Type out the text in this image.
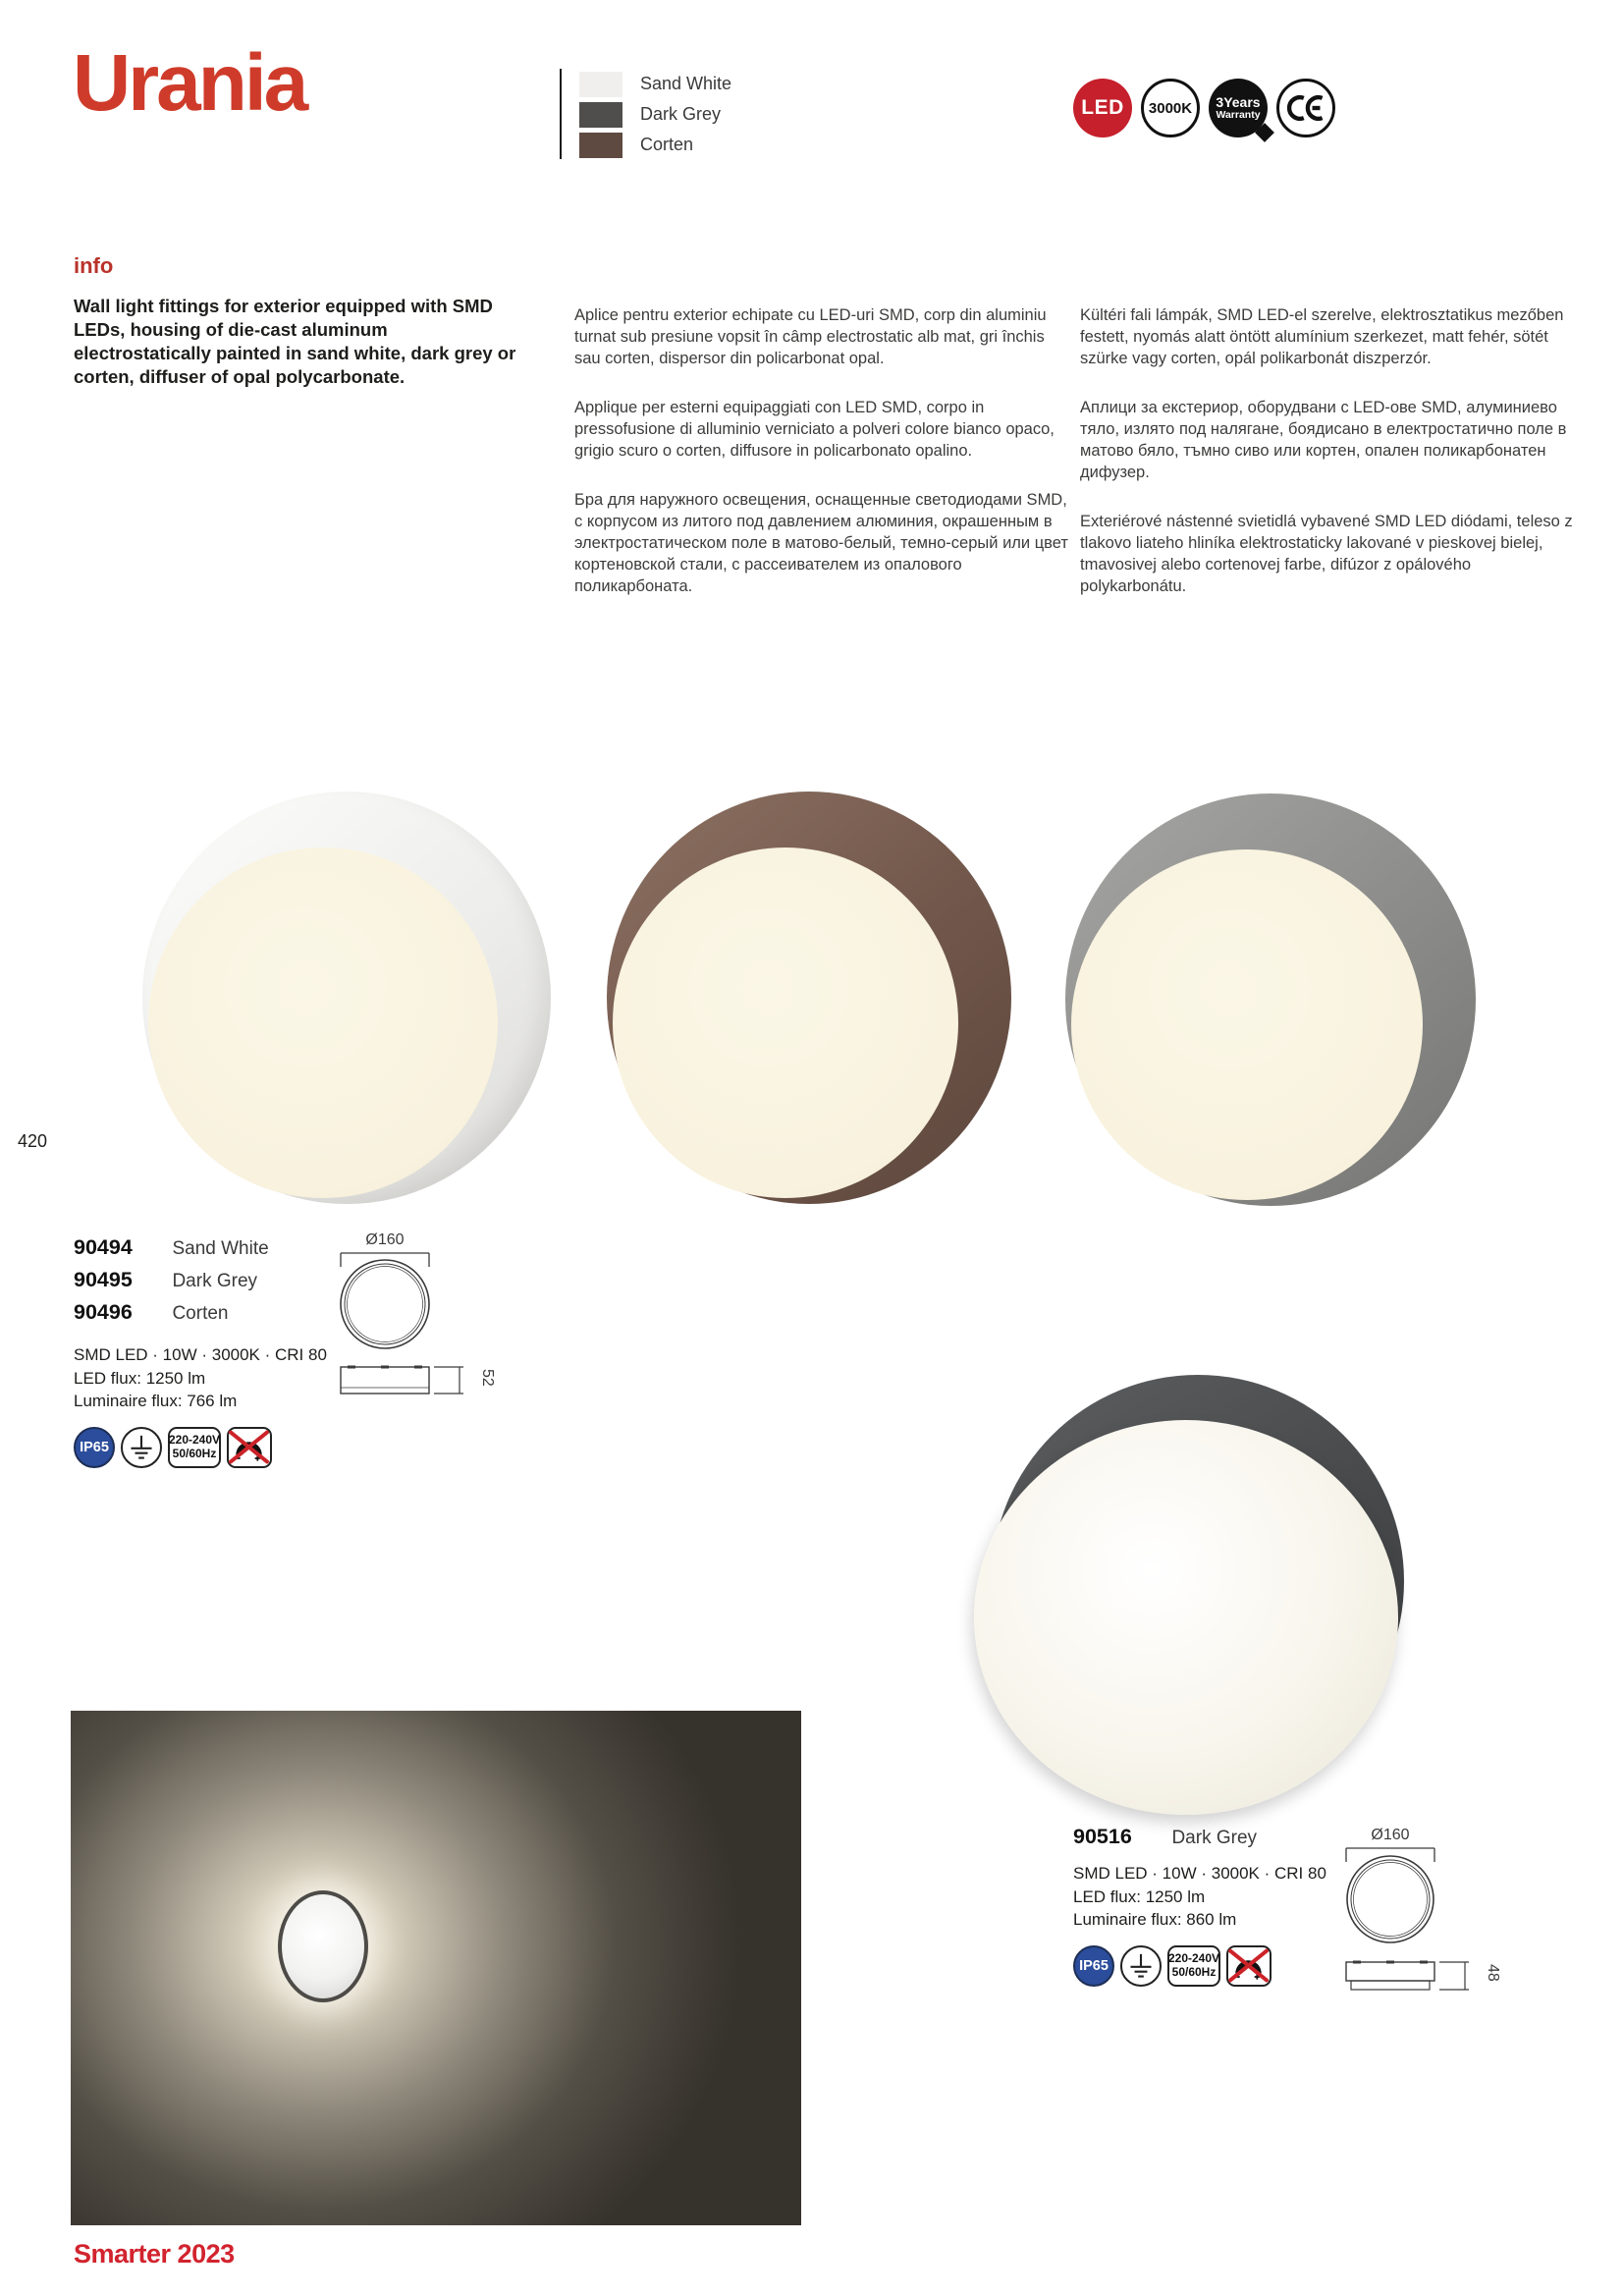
Urania	Sand White
Dark Grey
Corten
LED 3000K 3Years
Warranty
info
Wall light fittings for exterior equipped with SMD LEDs, housing of die-cast aluminum electrostatically painted in sand white, dark grey or corten, diffuser of opal polycarbonate.

Aplice pentru exterior echipate cu LED-uri SMD, corp din aluminiu turnat sub presiune vopsit în câmp electrostatic alb mat, gri închis sau corten, dispersor din policarbonat opal.

Applique per esterni equipaggiati con LED SMD, corpo in pressofusione di alluminio verniciato a polveri colore bianco opaco, grigio scuro o corten, diffusore in policarbonato opalino.

Бра для наружного освещения, оснащенные светодиодами SMD, с корпусом из литого под давлением алюминия, окрашенным в электростатическом поле в матово-белый, темно-серый или цвет кортеновской стали, с рассеивателем из опалового поликарбоната.

Kültéri fali lámpák, SMD LED-el szerelve, elektrosztatikus mezőben festett, nyomás alatt öntött alumínium szerkezet, matt fehér, sötét szürke vagy corten, opál polikarbonát diszperzór.

Аплици за екстериор, оборудвани с LED-ове SMD, алуминиево тяло, излято под налягане, боядисано в електростатично поле в матово бяло, тъмно сиво или кортен, опален поликарбонатен дифузер.

Exteriérové nástenné svietidlá vybavené SMD LED diódami, teleso z tlakovo liateho hliníka elektrostaticky lakované v pieskovej bielej, tmavosivej alebo cortenovej farbe, difúzor z opálového polykarbonátu.

420
90494 Sand White
90495 Dark Grey
90496 Corten
SMD LED · 10W · 3000K · CRI 80
LED flux: 1250 lm
Luminaire flux: 766 lm
IP65	220-240V
50/60Hz
Ø160
52
90516 Dark Grey
SMD LED · 10W · 3000K · CRI 80
LED flux: 1250 lm
Luminaire flux: 860 lm
IP65	220-240V
50/60Hz
Ø160
48
Smarter 2023
